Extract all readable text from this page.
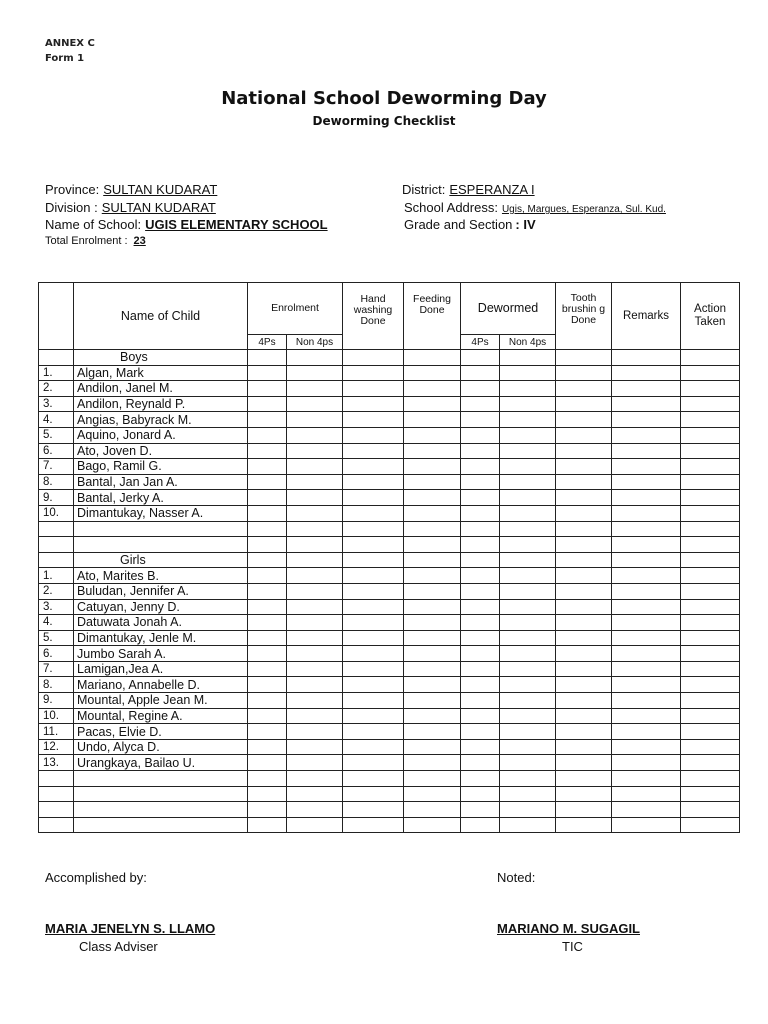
ANNEX C
Form 1
National School Deworming Day
Deworming Checklist
Province: SULTAN KUDARAT	District: ESPERANZA I
Division : SULTAN KUDARAT	School Address: Ugis, Margues, Esperanza, Sul. Kud.
Name of School: UGIS ELEMENTARY SCHOOL	Grade and Section : IV
Total Enrolment : 23
	Name of Child	Enrolment		Hand washing Done	Feeding Done	Dewormed		Tooth brushin g Done	Remarks	Action Taken
		4Ps	Non 4ps			4Ps	Non 4ps			
	Boys									
1.	Algan, Mark									
2.	Andilon, Janel M.									
3.	Andilon, Reynald P.									
4.	Angias, Babyrack M.									
5.	Aquino, Jonard A.									
6.	Ato, Joven D.									
7.	Bago, Ramil G.									
8.	Bantal, Jan Jan A.									
9.	Bantal, Jerky A.									
10.	Dimantukay, Nasser A.									

	Girls									
1.	Ato, Marites B.									
2.	Buludan, Jennifer A.									
3.	Catuyan, Jenny D.									
4.	Datuwata Jonah A.									
5.	Dimantukay, Jenle M.									
6.	Jumbo Sarah A.									
7.	Lamigan,Jea A.									
8.	Mariano, Annabelle D.									
9.	Mountal, Apple Jean M.									
10.	Mountal, Regine A.									
11.	Pacas, Elvie D.									
12.	Undo, Alyca D.									
13.	Urangkaya, Bailao U.									

Accomplished by:	Noted:
MARIA JENELYN S. LLAMO
Class Adviser
MARIANO M. SUGAGIL
TIC
